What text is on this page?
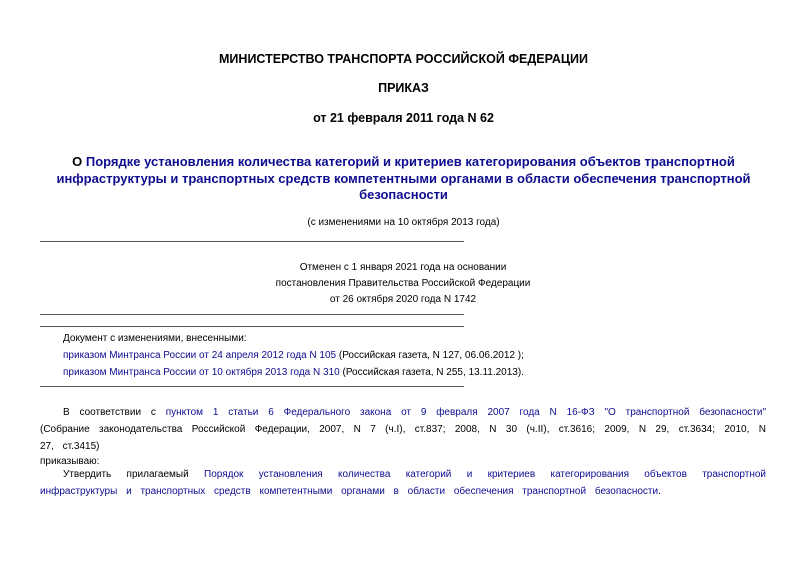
МИНИСТЕРСТВО ТРАНСПОРТА РОССИЙСКОЙ ФЕДЕРАЦИИ
ПРИКАЗ
от 21 февраля 2011 года N 62
О Порядке установления количества категорий и критериев категорирования объектов транспортной инфраструктуры и транспортных средств компетентными органами в области обеспечения транспортной безопасности
(с изменениями на 10 октября 2013 года)
Отменен с 1 января 2021 года на основании
постановления Правительства Российской Федерации
от 26 октября 2020 года N 1742
Документ с изменениями, внесенными:
приказом Минтранса России от 24 апреля 2012 года N 105 (Российская газета, N 127, 06.06.2012 );
приказом Минтранса России от 10 октября 2013 года N 310 (Российская газета, N 255, 13.11.2013).
В соответствии с пунктом 1 статьи 6 Федерального закона от 9 февраля 2007 года N 16-ФЗ "О транспортной безопасности" (Собрание законодательства Российской Федерации, 2007, N 7 (ч.I), ст.837; 2008, N 30 (ч.II), ст.3616; 2009, N 29, ст.3634; 2010, N 27, ст.3415)
приказываю:
Утвердить прилагаемый Порядок установления количества категорий и критериев категорирования объектов транспортной инфраструктуры и транспортных средств компетентными органами в области обеспечения транспортной безопасности.
